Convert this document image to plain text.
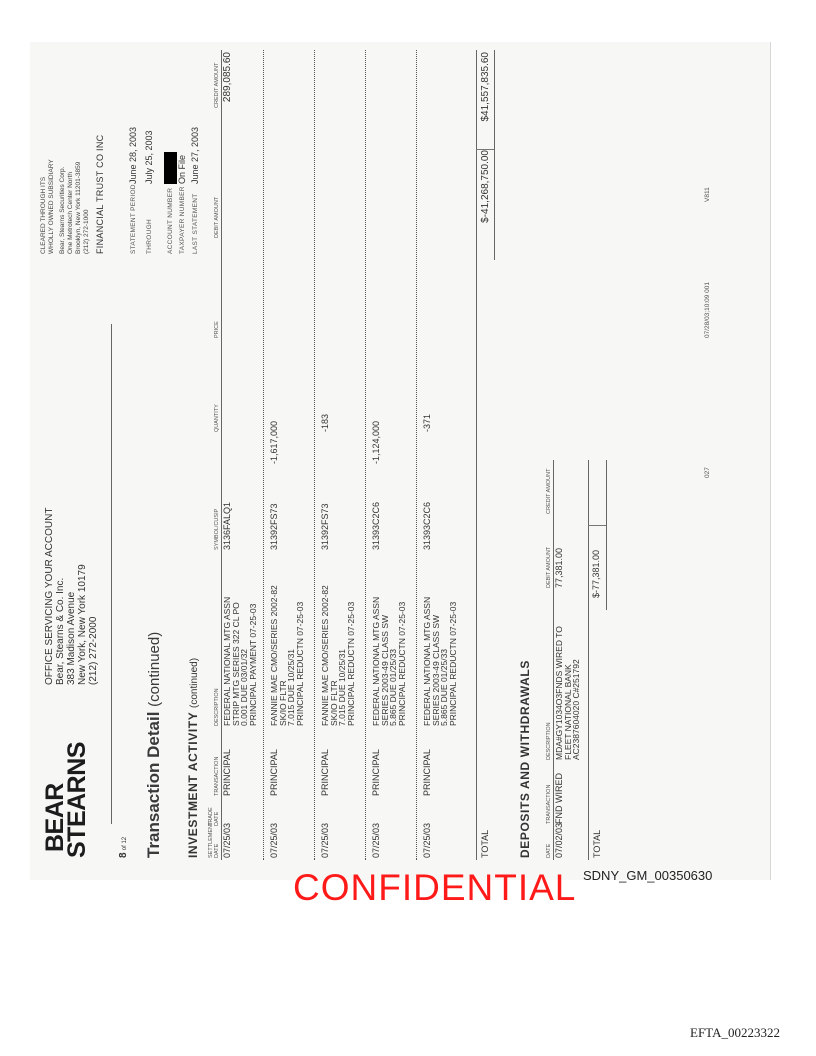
BEAR
STEARNS
OFFICE SERVICING YOUR ACCOUNT Bear, Stearns & Co. Inc. 383 Madison Avenue New York, New York 10179 (212) 272-2000
CLEARED THROUGH ITS WHOLLY OWNED SUBSIDIARY Bear, Stearns Securities Corp. One Metrotech Center North Brooklyn, New York 11201-3859 (212) 272-1000 FINANCIAL TRUST CO INC	STATEMENT PERIOD
June 28, 2003
THROUGH
July 25, 2003
ACCOUNT NUMBER TAXPAYER NUMBER
On File
LAST STATEMENT
June 27, 2003
8 of 12 Transaction Detail (continued)
INVESTMENT ACTIVITY (continued)
SETTLEMENT DATE
TRADE DATE
TRANSACTION
DESCRIPTION
SYMBOL/CUSIP
QUANTITY
PRICE
DEBIT AMOUNT
CREDIT AMOUNT
07/25/03
PRINCIPAL
FEDERAL NATIONAL MTG ASSN
STRIP MTG SERIES 322 CL PO
0.001 DUE 03/01/32
PRINCIPAL PAYMENT 07-25-03
3136FALQ1
289,085.60
07/25/03
PRINCIPAL
FANNIE MAE CMO/SERIES 2002-82
SK/IO FLTR
7.015 DUE 10/25/31
PRINCIPAL REDUCTN 07-25-03
31392FS73
-1,617,000
07/25/03
PRINCIPAL
FANNIE MAE CMO/SERIES 2002-82
SK/IO FLTR
7.015 DUE 10/25/31
PRINCIPAL REDUCTN 07-25-03
31392FS73
-183
07/25/03
PRINCIPAL
FEDERAL NATIONAL MTG ASSN
SERIES 2003-49 CLASS SW
5.865 DUE 01/25/33
PRINCIPAL REDUCTN 07-25-03
31393C2C6
-1,124,000
07/25/03
PRINCIPAL
FEDERAL NATIONAL MTG ASSN
SERIES 2003-49 CLASS SW
5.865 DUE 01/25/33
PRINCIPAL REDUCTN 07-25-03
31393C2C6
-371
TOTAL
$-41,268,750.00
$41,557,835.60
DEPOSITS AND WITHDRAWALS	DATE
TRANSACTION
DESCRIPTION
DEBIT AMOUNT
CREDIT AMOUNT
07/02/03
FND WIRED
MDA#GY1034O3FNDS WIRED TO
FLEET NATIONAL BANK
AC2387604020 C#251792
77,381.00
TOTAL
$-77,381.00
027
07/28/03;10:09 001
V811
CONFIDENTIAL SDNY_GM_00350630
EFTA_00223322
